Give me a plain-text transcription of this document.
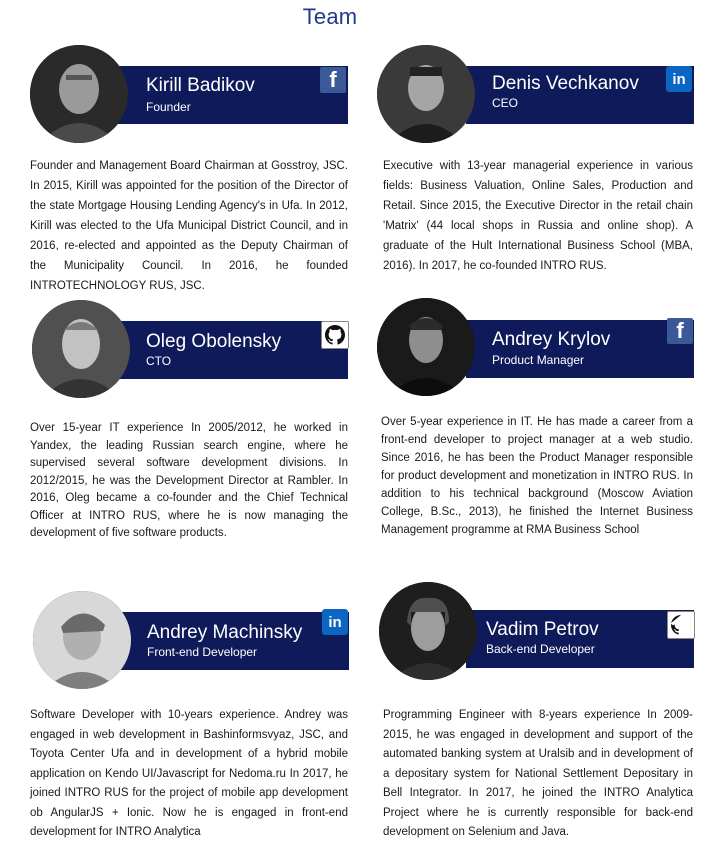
Team
Kirill Badikov
Founder
f
Founder and Management Board Chairman at Gosstroy, JSC. In 2015, Kirill was appointed for the position of the Director of the state Mortgage Housing Lending Agency's in Ufa. In 2012, Kirill was elected to the Ufa Municipal District Council, and in 2016, re-elected and appointed as the Deputy Chairman of the Municipality Council. In 2016, he founded INTROTECHNOLOGY RUS, JSC.
Denis Vechkanov
CEO
in
Executive with 13-year managerial experience in various fields: Business Valuation, Online Sales, Production and Retail. Since 2015, the Executive Director in the retail chain 'Matrix' (44 local shops in Russia and online shop). A graduate of the Hult International Business School (MBA, 2016). In 2017, he co-founded INTRO RUS.
Oleg Obolensky
CTO
Over 15-year IT experience In 2005/2012, he worked in Yandex, the leading Russian search engine, where he supervised several software development divisions. In 2012/2015, he was the Development Director at Rambler. In 2016, Oleg became a co-founder and the Chief Technical Officer at INTRO RUS, where he is now managing the development of five software products.
Andrey Krylov
Product Manager
f
Over 5-year experience in IT. He has made a career from a front-end developer to project manager at a web studio. Since 2016, he has been the Product Manager responsible for product development and monetization in INTRO RUS. In addition to his technical background (Moscow Aviation College, B.Sc., 2013), he finished the Internet Business Management programme at RMA Business School
Andrey Machinsky
Front-end Developer
in
Software Developer with 10-years experience. Andrey was engaged in web development in Bashinformsvyaz, JSC, and Toyota Center Ufa and in development of a hybrid mobile application on Kendo UI/Javascript for Nedoma.ru In 2017, he joined INTRO RUS for the project of mobile app development ob AngularJS + Ionic. Now he is engaged in front-end development for INTRO Analytica
Vadim Petrov
Back-end Developer
Programming Engineer with 8-years experience In 2009-2015, he was engaged in development and support of the automated banking system at Uralsib and in development of a depositary system for National Settlement Depositary in Bell Integrator. In 2017, he joined the INTRO Analytica Project where he is currently responsible for back-end development on Selenium and Java.
